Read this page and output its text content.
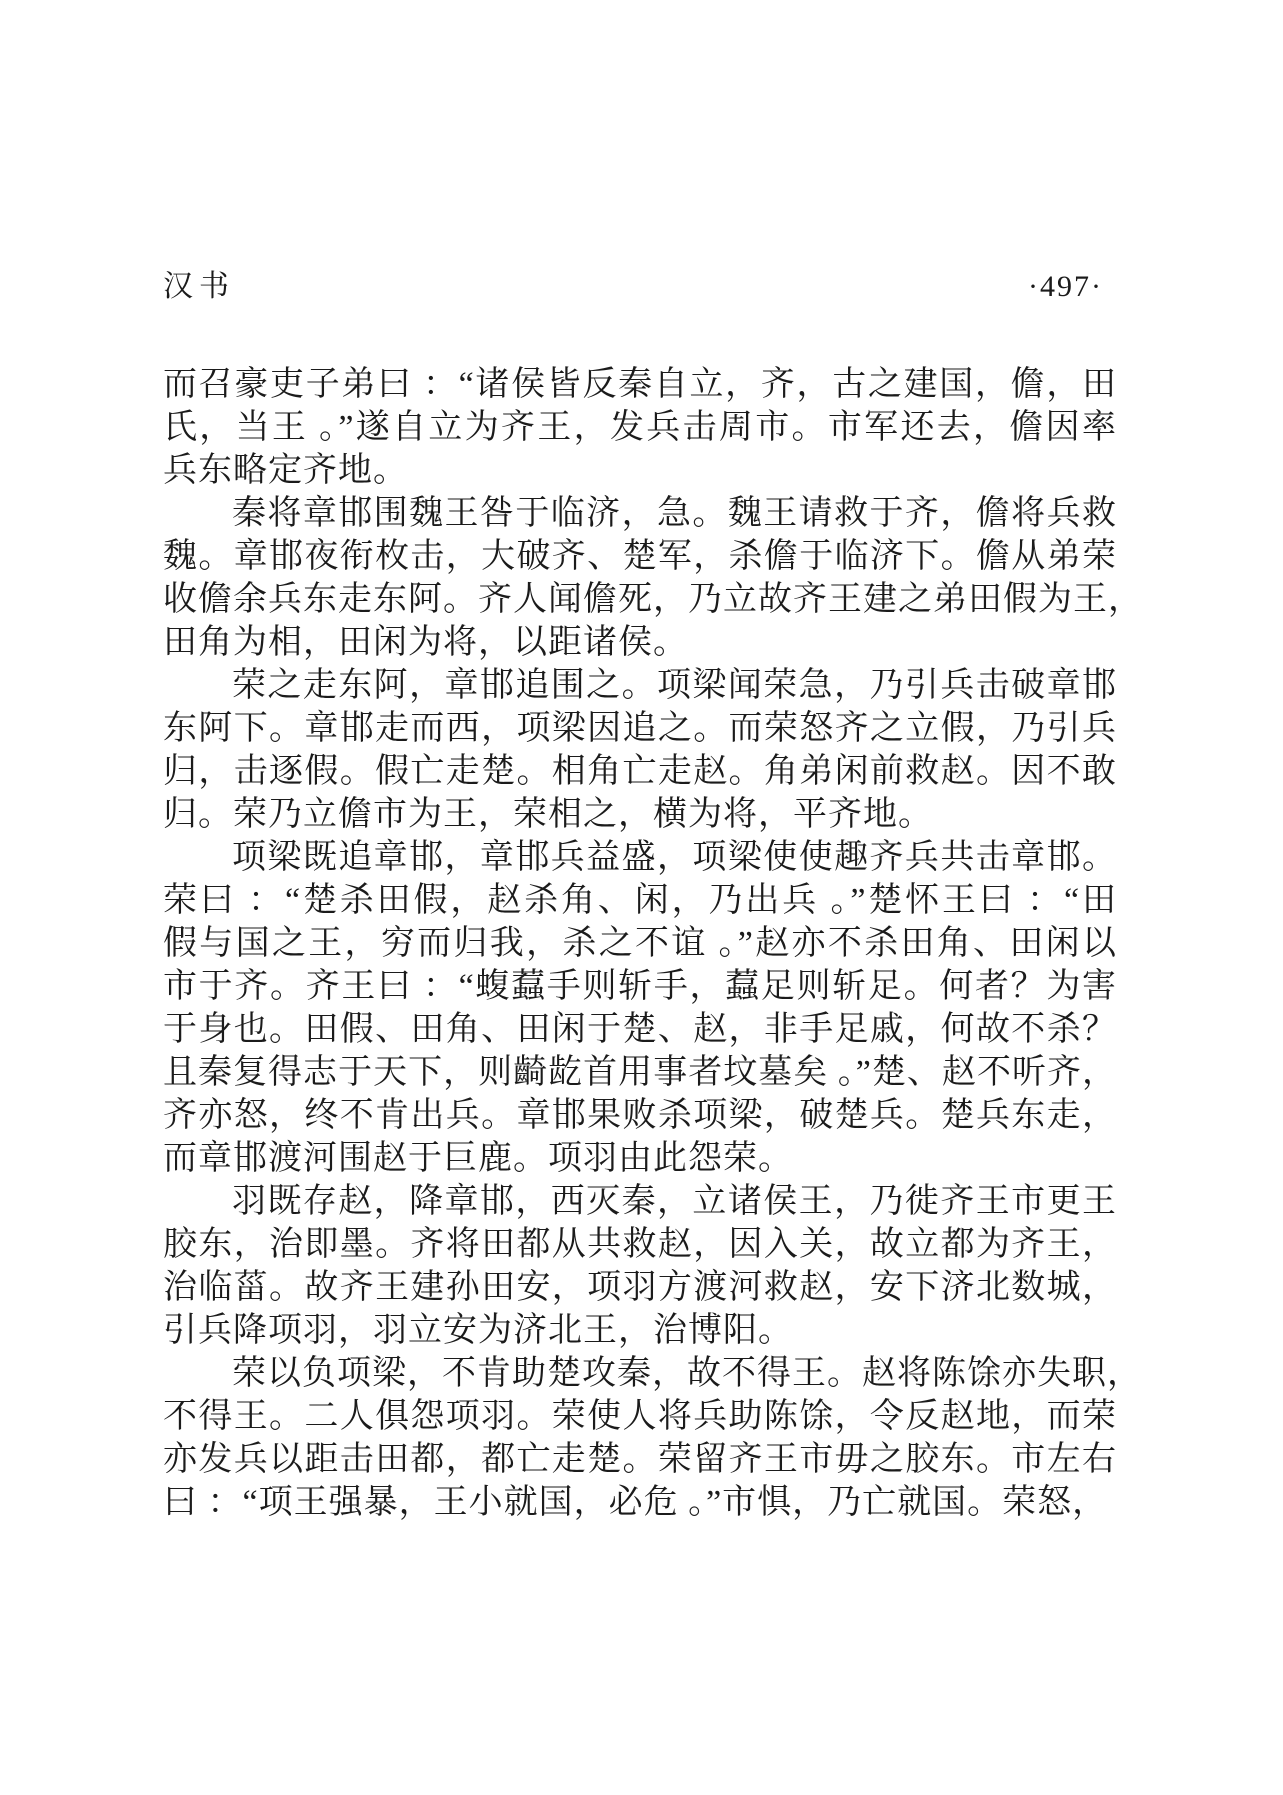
汉书	·497·
而召豪吏子弟曰 ：“诸侯皆反秦自立，齐，古之建国，儋，田
氏，当王 。”遂自立为齐王，发兵击周市。市军还去，儋因率
兵东略定齐地。
秦将章邯围魏王咎于临济，急。魏王请救于齐，儋将兵救
魏。章邯夜衔枚击，大破齐、楚军，杀儋于临济下。儋从弟荣
收儋余兵东走东阿。齐人闻儋死，乃立故齐王建之弟田假为王，
田角为相，田闲为将，以距诸侯。
荣之走东阿，章邯追围之。项梁闻荣急，乃引兵击破章邯
东阿下。章邯走而西，项梁因追之。而荣怒齐之立假，乃引兵
归，击逐假。假亡走楚。相角亡走赵。角弟闲前救赵。因不敢
归。荣乃立儋市为王，荣相之，横为将，平齐地。
项梁既追章邯，章邯兵益盛，项梁使使趣齐兵共击章邯。
荣曰 ：“楚杀田假，赵杀角、闲，乃出兵 。”楚怀王曰 ：“田
假与国之王，穷而归我，杀之不谊 。”赵亦不杀田角、田闲以
市于齐。齐王曰 ：“蝮蠚手则斩手，蠚足则斩足。何者？为害
于身也。田假、田角、田闲于楚、赵，非手足戚，何故不杀？
且秦复得志于天下，则齮龁首用事者坟墓矣 。”楚、赵不听齐，
齐亦怒，终不肯出兵。章邯果败杀项梁，破楚兵。楚兵东走，
而章邯渡河围赵于巨鹿。项羽由此怨荣。
羽既存赵，降章邯，西灭秦，立诸侯王，乃徙齐王市更王
胶东，治即墨。齐将田都从共救赵，因入关，故立都为齐王，
治临菑。故齐王建孙田安，项羽方渡河救赵，安下济北数城，
引兵降项羽，羽立安为济北王，治博阳。
荣以负项梁，不肯助楚攻秦，故不得王。赵将陈馀亦失职，
不得王。二人俱怨项羽。荣使人将兵助陈馀，令反赵地，而荣
亦发兵以距击田都，都亡走楚。荣留齐王市毋之胶东。市左右
曰 ：“项王强暴，王小就国，必危 。”市惧，乃亡就国。荣怒，
